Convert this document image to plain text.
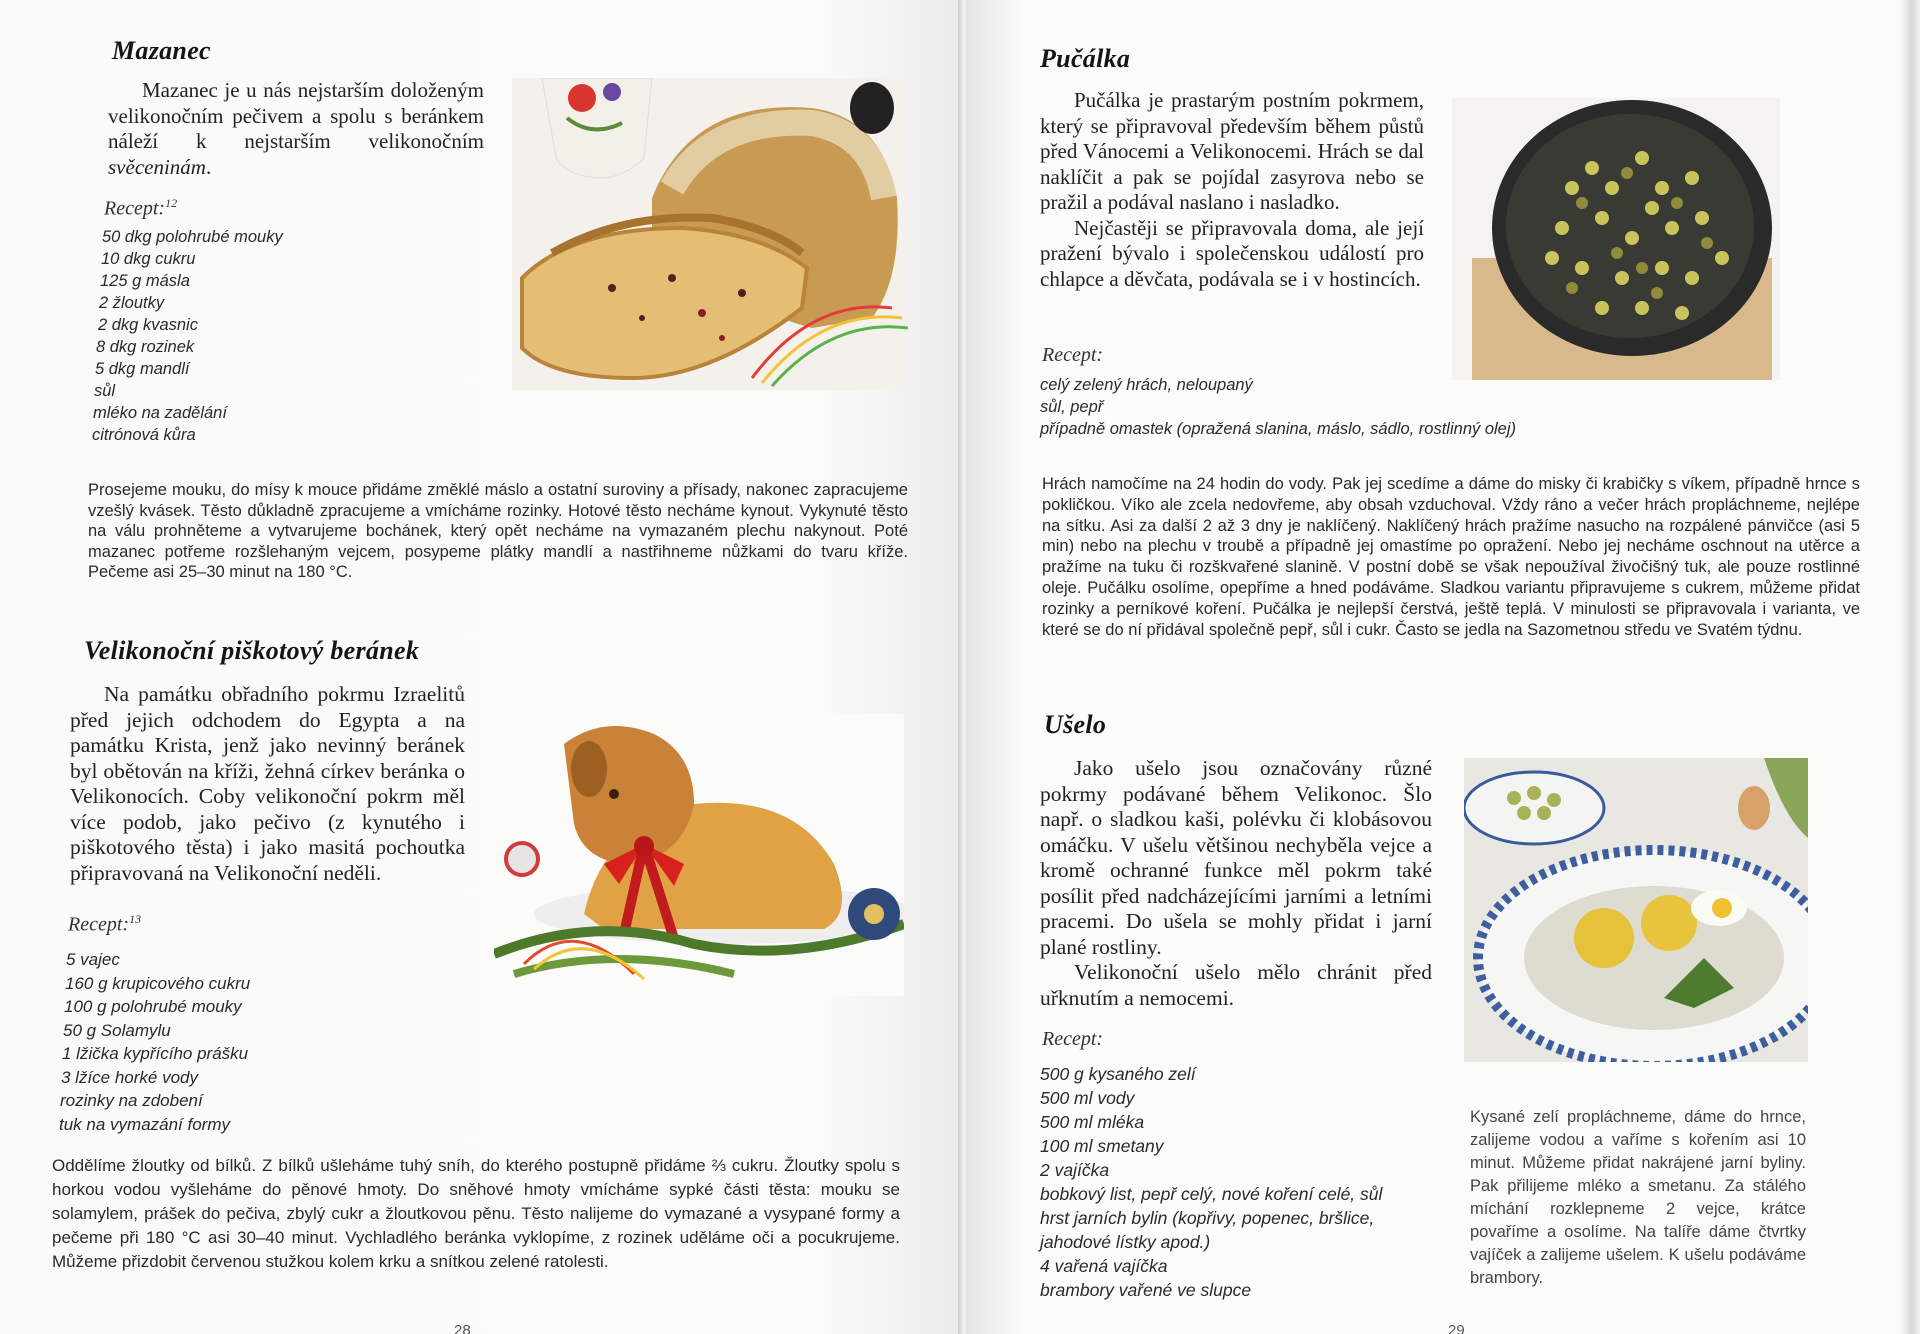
Mazanec

Mazanec je u nás nejstarším doloženým velikonočním pečivem a spolu s beránkem náleží k nejstarším velikonočním svěceninám.

Recept:$^{12}$
50 dkg polohrubé mouky
10 dkg cukru
125 g másla
2 žloutky
2 dkg kvasnic
8 dkg rozinek
5 dkg mandlí
sůl
mléko na zadělání
citrónová kůra

Prosejeme mouku, do mísy k mouce přidáme změklé máslo a ostatní suroviny a přísady, nakonec zapracujeme vzešlý kvásek. Těsto důkladně zpracujeme a vmícháme rozinky. Hotové těsto necháme kynout. Vykynuté těsto na válu prohněteme a vytvarujeme bochánek, který opět necháme na vymazaném plechu nakynout. Poté mazanec potřeme rozšlehaným vejcem, posypeme plátky mandlí a nastřihneme nůžkami do tvaru kříže. Pečeme asi 25–30 minut na 180 °C.

Velikonoční piškotový beránek

Na památku obřadního pokrmu Izraelitů před jejich odchodem do Egypta a na památku Krista, jenž jako nevinný beránek byl obětován na kříži, žehná církev beránka o Velikonocích. Coby velikonoční pokrm měl více podob, jako pečivo (z kynutého i piškotového těsta) i jako masitá pochoutka připravovaná na Velikonoční neděli.

Recept:$^{13}$
5 vajec
160 g krupicového cukru
100 g polohrubé mouky
50 g Solamylu
1 lžička kypřícího prášku
3 lžíce horké vody
rozinky na zdobení
tuk na vymazání formy

Oddělíme žloutky od bílků. Z bílků ušleháme tuhý sníh, do kterého postupně přidáme ⅔ cukru. Žloutky spolu s horkou vodou vyšleháme do pěnové hmoty. Do sněhové hmoty vmícháme sypké části těsta: mouku se solamylem, prášek do pečiva, zbylý cukr a žloutkovou pěnu. Těsto nalijeme do vymazané a vysypané formy a pečeme při 180 °C asi 30–40 minut. Vychladlého beránka vyklopíme, z rozinek uděláme oči a pocukrujeme. Můžeme přizdobit červenou stužkou kolem krku a snítkou zelené ratolesti.

28
Pučálka

Pučálka je prastarým postním pokrmem, který se připravoval především během půstů před Vánocemi a Velikonocemi. Hrách se dal naklíčit a pak se pojídal zasyrova nebo se pražil a podával naslano i nasladko.

Nejčastěji se připravovala doma, ale její pražení bývalo i společenskou událostí pro chlapce a děvčata, podávala se i v hostincích.

Recept:
celý zelený hrách, neloupaný
sůl, pepř
případně omastek (opražená slanina, máslo, sádlo, rostlinný olej)

Hrách namočíme na 24 hodin do vody. Pak jej scedíme a dáme do misky či krabičky s víkem, případně hrnce s pokličkou. Víko ale zcela nedovřeme, aby obsah vzduchoval. Vždy ráno a večer hrách propláchneme, nejlépe na sítku. Asi za další 2 až 3 dny je naklíčený. Naklíčený hrách pražíme nasucho na rozpálené pánvičce (asi 5 min) nebo na plechu v troubě a případně jej omastíme po opražení. Nebo jej necháme oschnout na utěrce a pražíme na tuku či rozškvařené slanině. V postní době se však nepoužíval živočišný tuk, ale pouze rostlinné oleje. Pučálku osolíme, opepříme a hned podáváme. Sladkou variantu připravujeme s cukrem, můžeme přidat rozinky a perníkové koření. Pučálka je nejlepší čerstvá, ještě teplá. V minulosti se připravovala i varianta, ve které se do ní přidával společně pepř, sůl i cukr. Často se jedla na Sazometnou středu ve Svatém týdnu.

Ušelo

Jako ušelo jsou označovány různé pokrmy podávané během Velikonoc. Šlo např. o sladkou kaši, polévku či klobásovou omáčku. V ušelu většinou nechyběla vejce a kromě ochranné funkce měl pokrm také posílit před nadcházejícími jarními a letními pracemi. Do ušela se mohly přidat i jarní plané rostliny.

Velikonoční ušelo mělo chránit před uřknutím a nemocemi.

Recept:
500 g kysaného zelí
500 ml vody
500 ml mléka
100 ml smetany
2 vajíčka
bobkový list, pepř celý, nové koření celé, sůl
hrst jarních bylin (kopřivy, popenec, bršlice,
jahodové lístky apod.)
4 vařená vajíčka
brambory vařené ve slupce

Kysané zelí propláchneme, dáme do hrnce, zalijeme vodou a vaříme s kořením asi 10 minut. Můžeme přidat nakrájené jarní byliny. Pak přilijeme mléko a smetanu. Za stálého míchání rozklepneme 2 vejce, krátce povaříme a osolíme. Na talíře dáme čtvrtky vajíček a zalijeme ušelem. K ušelu podáváme brambory.

29
